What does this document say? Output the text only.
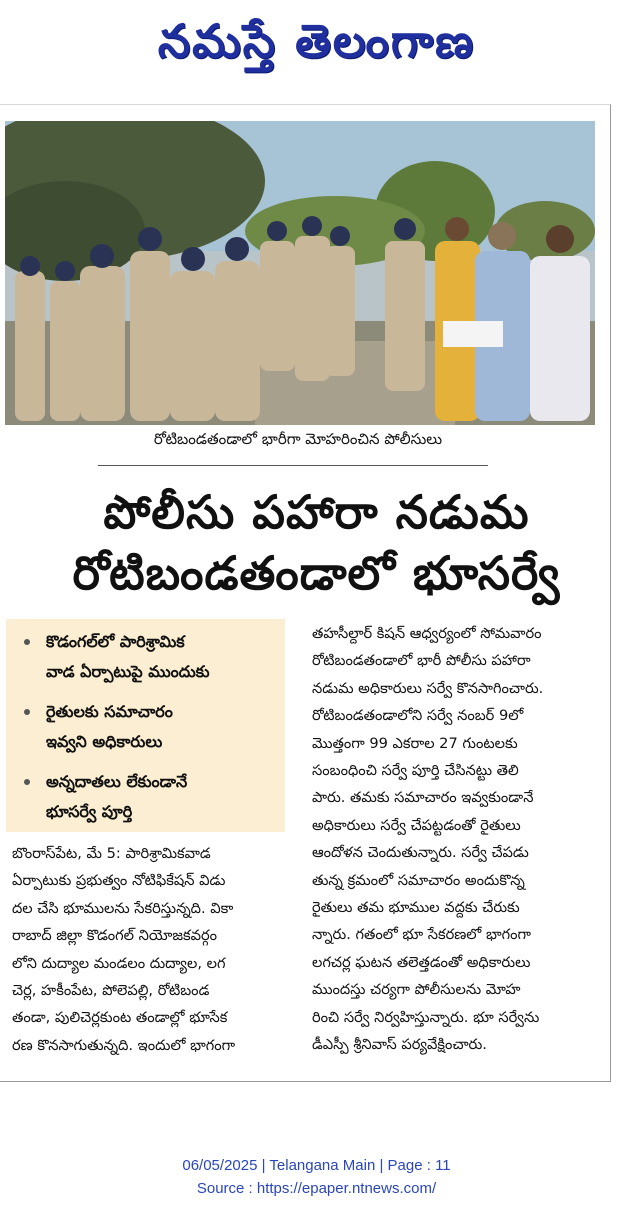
నమస్తే తెలంగాణ
రోటిబండతండాలో భారీగా మోహరించిన పోలీసులు
పోలీసు పహారా నడుమ
రోటిబండతండాలో భూసర్వే
కొడంగల్‌లో పారిశ్రామిక
వాడ ఏర్పాటుపై ముందుకు
రైతులకు సమాచారం
ఇవ్వని అధికారులు
అన్నదాతలు లేకుండానే
భూసర్వే పూర్తి

బొంరాస్‌పేట, మే 5: పారిశ్రామికవాడ

ఏర్పాటుకు ప్రభుత్వం నోటిఫికేషన్ విడు

దల చేసి భూములను సేకరిస్తున్నది. వికా

రాబాద్ జిల్లా కొడంగల్ నియోజకవర్గం

లోని దుద్యాల మండలం దుద్యాల, లగ

చెర్ల, హకీంపేట, పోలెపల్లి, రోటిబండ

తండా, పులిచెర్లకుంట తండాల్లో భూసేక

రణ కొనసాగుతున్నది. ఇందులో భాగంగా

తహసీల్దార్ కిషన్ ఆధ్వర్యంలో సోమవారం

రోటిబండతండాలో భారీ పోలీసు పహారా

నడుమ అధికారులు సర్వే కొనసాగించారు.

రోటిబండతండాలోని సర్వే నంబర్ 9లో

మొత్తంగా 99 ఎకరాల 27 గుంటలకు

సంబంధించి సర్వే పూర్తి చేసినట్టు తెలి

పారు. తమకు సమాచారం ఇవ్వకుండానే

అధికారులు సర్వే చేపట్టడంతో రైతులు

ఆందోళన చెందుతున్నారు. సర్వే చేపడు

తున్న క్రమంలో సమాచారం అందుకొన్న

రైతులు తమ భూముల వద్దకు చేరుకు

న్నారు. గతంలో భూ సేకరణలో భాగంగా

లగచర్ల ఘటన తలెత్తడంతో అధికారులు

ముందస్తు చర్యగా పోలీసులను మోహ

రించి సర్వే నిర్వహిస్తున్నారు. భూ సర్వేను

డీఎస్పీ శ్రీనివాస్ పర్యవేక్షించారు.

06/05/2025 | Telangana Main | Page : 11
Source : https://epaper.ntnews.com/
